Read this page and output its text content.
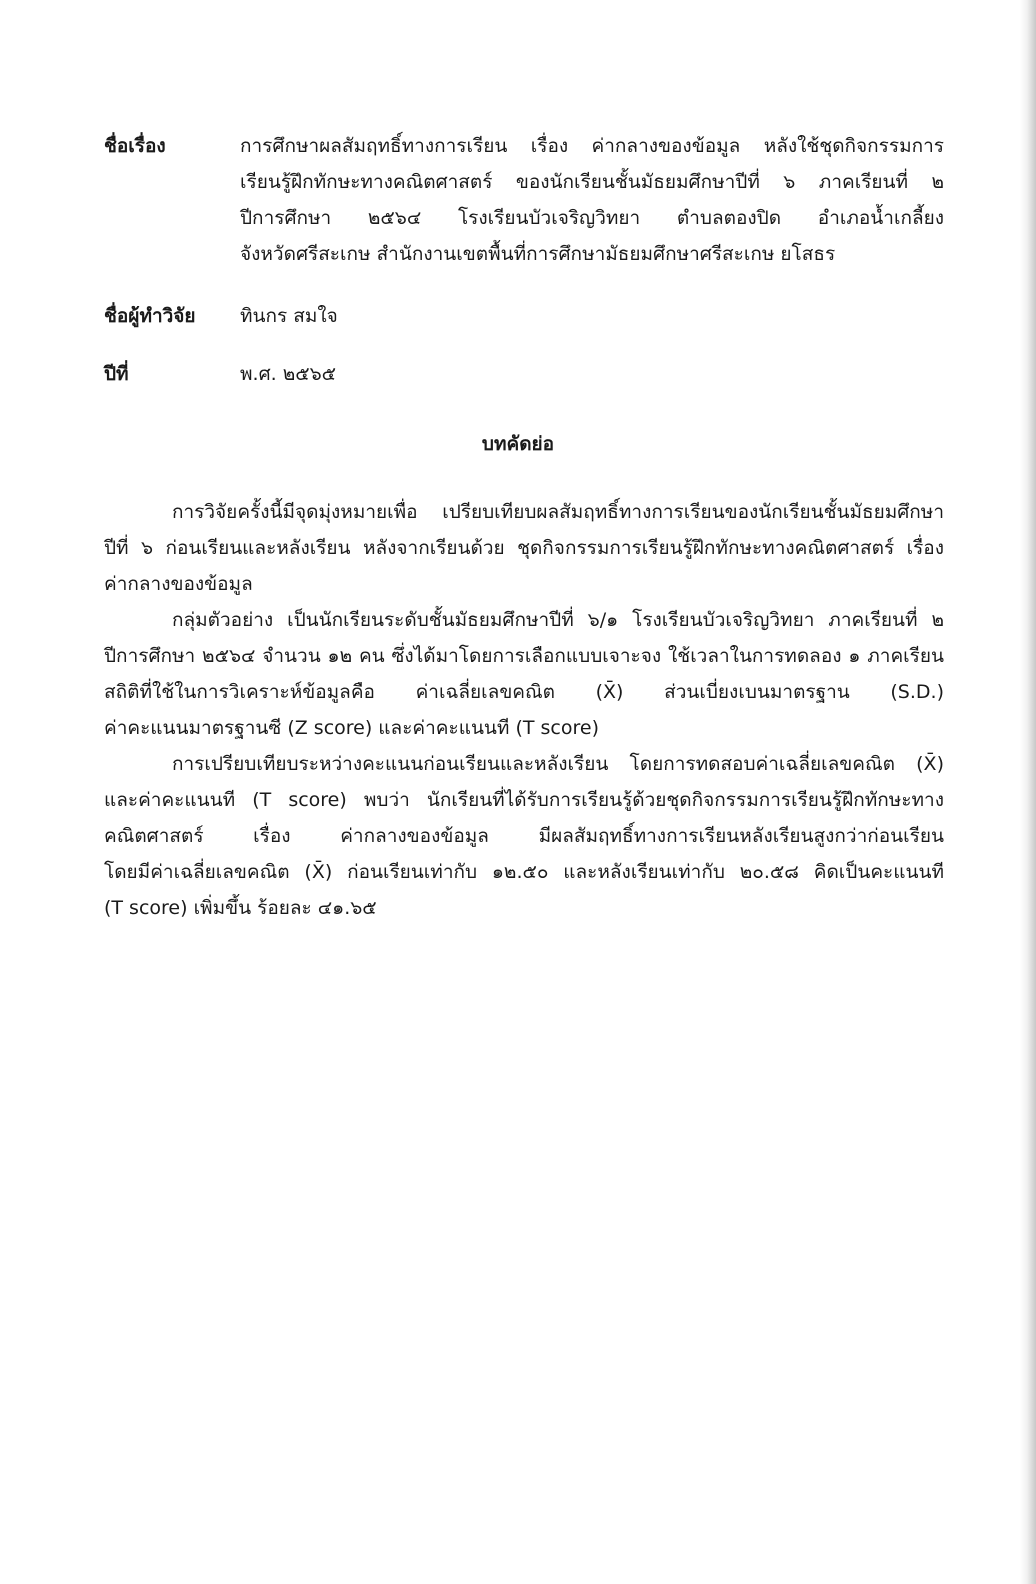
ชื่อเรื่อง	การศึกษาผลสัมฤทธิ์ทางการเรียน เรื่อง ค่ากลางของข้อมูล หลังใช้ชุดกิจกรรมการ
เรียนรู้ฝึกทักษะทางคณิตศาสตร์ ของนักเรียนชั้นมัธยมศึกษาปีที่ ๖ ภาคเรียนที่ ๒
ปีการศึกษา ๒๕๖๔ โรงเรียนบัวเจริญวิทยา ตำบลตองปิด อำเภอน้ำเกลี้ยง
จังหวัดศรีสะเกษ สำนักงานเขตพื้นที่การศึกษามัธยมศึกษาศรีสะเกษ ยโสธร
ชื่อผู้ทำวิจัย	ทินกร สมใจ
ปีที่	พ.ศ. ๒๕๖๕
บทคัดย่อ
การวิจัยครั้งนี้มีจุดมุ่งหมายเพื่อ เปรียบเทียบผลสัมฤทธิ์ทางการเรียนของนักเรียนชั้นมัธยมศึกษา
ปีที่ ๖ ก่อนเรียนและหลังเรียน หลังจากเรียนด้วย ชุดกิจกรรมการเรียนรู้ฝึกทักษะทางคณิตศาสตร์ เรื่อง
ค่ากลางของข้อมูล
กลุ่มตัวอย่าง เป็นนักเรียนระดับชั้นมัธยมศึกษาปีที่ ๖/๑ โรงเรียนบัวเจริญวิทยา ภาคเรียนที่ ๒
ปีการศึกษา ๒๕๖๔ จำนวน ๑๒ คน ซึ่งได้มาโดยการเลือกแบบเจาะจง ใช้เวลาในการทดลอง ๑ ภาคเรียน
สถิติที่ใช้ในการวิเคราะห์ข้อมูลคือ ค่าเฉลี่ยเลขคณิต (X̄) ส่วนเบี่ยงเบนมาตรฐาน (S.D.)
ค่าคะแนนมาตรฐานซี (Z score) และค่าคะแนนที (T score)
การเปรียบเทียบระหว่างคะแนนก่อนเรียนและหลังเรียน โดยการทดสอบค่าเฉลี่ยเลขคณิต (X̄)
และค่าคะแนนที (T score) พบว่า นักเรียนที่ได้รับการเรียนรู้ด้วยชุดกิจกรรมการเรียนรู้ฝึกทักษะทาง
คณิตศาสตร์ เรื่อง ค่ากลางของข้อมูล มีผลสัมฤทธิ์ทางการเรียนหลังเรียนสูงกว่าก่อนเรียน
โดยมีค่าเฉลี่ยเลขคณิต (X̄) ก่อนเรียนเท่ากับ ๑๒.๕๐ และหลังเรียนเท่ากับ ๒๐.๕๘ คิดเป็นคะแนนที
(T score) เพิ่มขึ้น ร้อยละ ๔๑.๖๕
